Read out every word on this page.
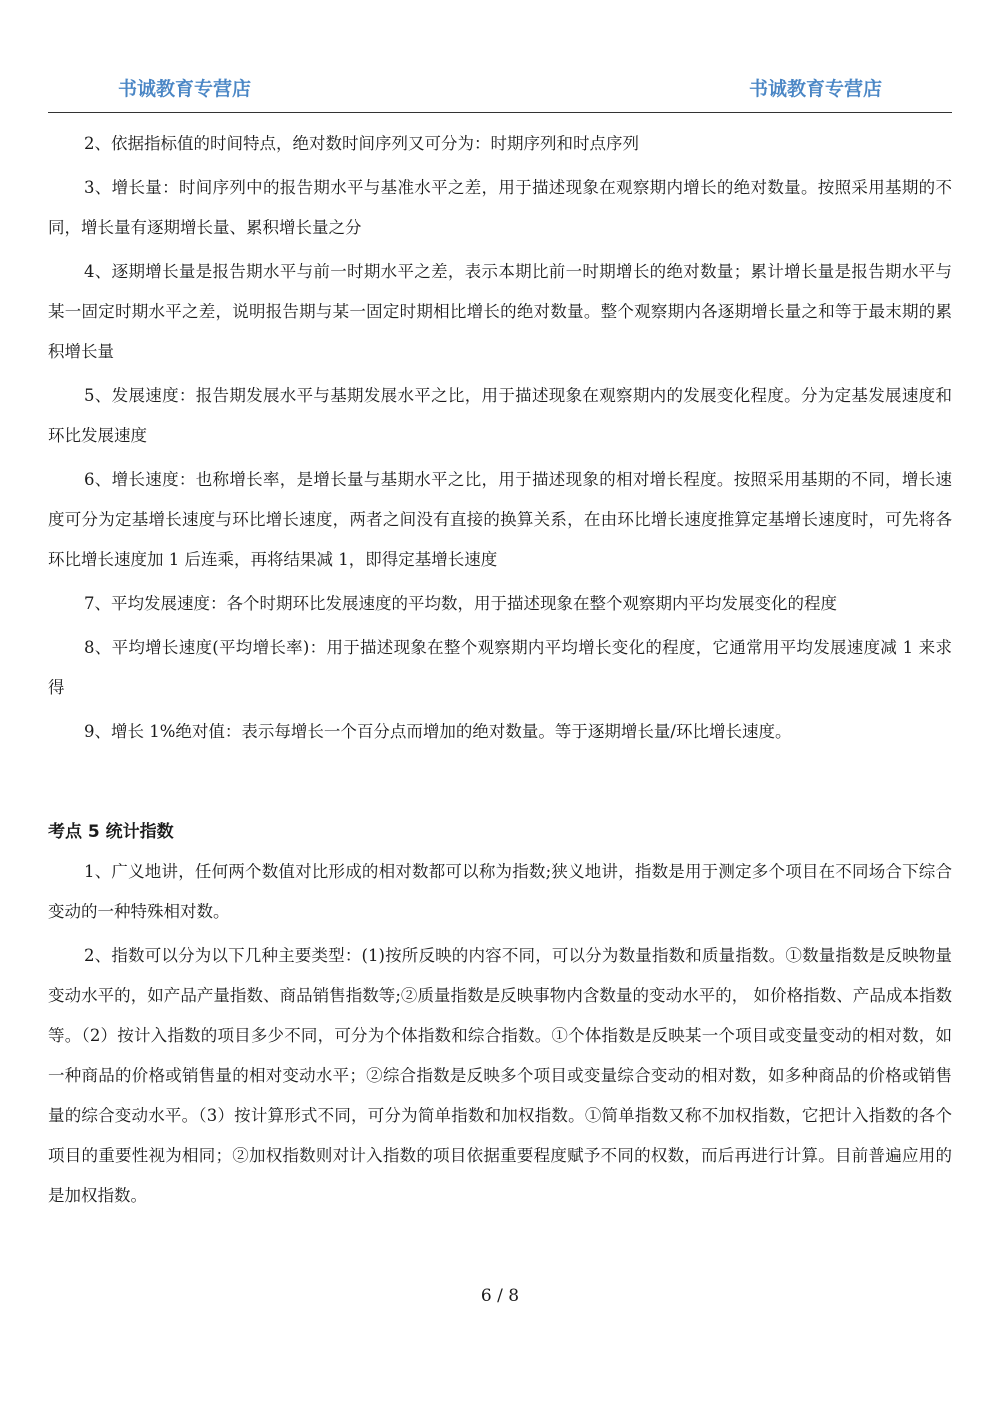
书诚教育专营店	书诚教育专营店

2、依据指标值的时间特点，绝对数时间序列又可分为：时期序列和时点序列

3、增长量：时间序列中的报告期水平与基准水平之差，用于描述现象在观察期内增长的绝对数量。按照采用基期的不同，增长量有逐期增长量、累积增长量之分

4、逐期增长量是报告期水平与前一时期水平之差，表示本期比前一时期增长的绝对数量；累计增长量是报告期水平与某一固定时期水平之差，说明报告期与某一固定时期相比增长的绝对数量。整个观察期内各逐期增长量之和等于最末期的累积增长量

5、发展速度：报告期发展水平与基期发展水平之比，用于描述现象在观察期内的发展变化程度。分为定基发展速度和环比发展速度

6、增长速度：也称增长率，是增长量与基期水平之比，用于描述现象的相对增长程度。按照采用基期的不同，增长速度可分为定基增长速度与环比增长速度，两者之间没有直接的换算关系，在由环比增长速度推算定基增长速度时，可先将各环比增长速度加 1 后连乘，再将结果减 1，即得定基增长速度

7、平均发展速度：各个时期环比发展速度的平均数，用于描述现象在整个观察期内平均发展变化的程度

8、平均增长速度(平均增长率)：用于描述现象在整个观察期内平均增长变化的程度，它通常用平均发展速度减 1 来求得

9、增长 1%绝对值：表示每增长一个百分点而增加的绝对数量。等于逐期增长量/环比增长速度。

考点 5 统计指数

1、广义地讲，任何两个数值对比形成的相对数都可以称为指数;狭义地讲，指数是用于测定多个项目在不同场合下综合变动的一种特殊相对数。

2、指数可以分为以下几种主要类型：(1)按所反映的内容不同，可以分为数量指数和质量指数。①数量指数是反映物量变动水平的，如产品产量指数、商品销售指数等;②质量指数是反映事物内含数量的变动水平的， 如价格指数、产品成本指数等。（2）按计入指数的项目多少不同，可分为个体指数和综合指数。①个体指数是反映某一个项目或变量变动的相对数，如一种商品的价格或销售量的相对变动水平；②综合指数是反映多个项目或变量综合变动的相对数，如多种商品的价格或销售量的综合变动水平。（3）按计算形式不同，可分为简单指数和加权指数。①简单指数又称不加权指数，它把计入指数的各个项目的重要性视为相同；②加权指数则对计入指数的项目依据重要程度赋予不同的权数，而后再进行计算。目前普遍应用的是加权指数。

6 / 8
